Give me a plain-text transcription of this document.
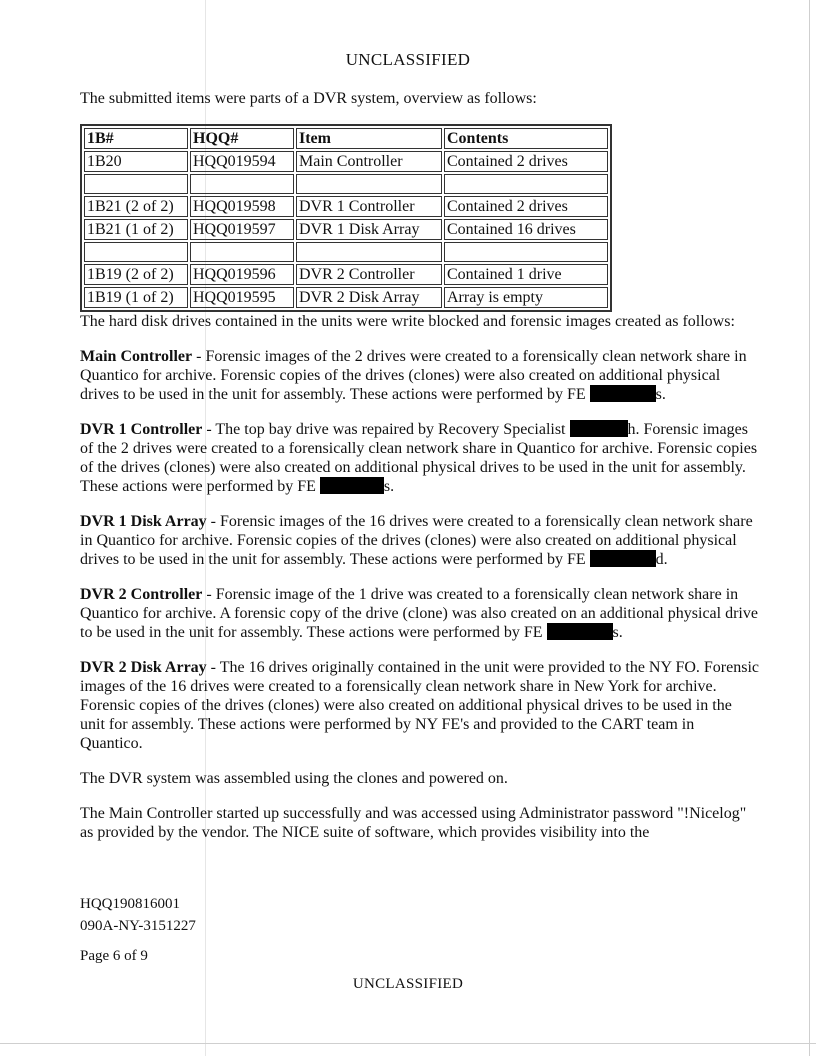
UNCLASSIFIED
The submitted items were parts of a DVR system, overview as follows:
1B#	HQQ#	Item	Contents
1B20	HQQ019594	Main Controller	Contained 2 drives

1B21 (2 of 2)	HQQ019598	DVR 1 Controller	Contained 2 drives
1B21 (1 of 2)	HQQ019597	DVR 1 Disk Array	Contained 16 drives

1B19 (2 of 2)	HQQ019596	DVR 2 Controller	Contained 1 drive
1B19 (1 of 2)	HQQ019595	DVR 2 Disk Array	Array is empty

The hard disk drives contained in the units were write blocked and forensic images created as follows:

Main Controller - Forensic images of the 2 drives were created to a forensically clean network share in Quantico for archive. Forensic copies of the drives (clones) were also created on additional physical drives to be used in the unit for assembly. These actions were performed by FE	s.

DVR 1 Controller - The top bay drive was repaired by Recovery Specialist	h. Forensic images of the 2 drives were created to a forensically clean network share in Quantico for archive. Forensic copies of the drives (clones) were also created on additional physical drives to be used in the unit for assembly. These actions were performed by FE	s.

DVR 1 Disk Array - Forensic images of the 16 drives were created to a forensically clean network share in Quantico for archive. Forensic copies of the drives (clones) were also created on additional physical drives to be used in the unit for assembly. These actions were performed by FE	d.

DVR 2 Controller - Forensic image of the 1 drive was created to a forensically clean network share in Quantico for archive. A forensic copy of the drive (clone) was also created on an additional physical drive to be used in the unit for assembly. These actions were performed by FE	s.

DVR 2 Disk Array - The 16 drives originally contained in the unit were provided to the NY FO. Forensic images of the 16 drives were created to a forensically clean network share in New York for archive. Forensic copies of the drives (clones) were also created on additional physical drives to be used in the unit for assembly. These actions were performed by NY FE's and provided to the CART team in Quantico.

The DVR system was assembled using the clones and powered on.

The Main Controller started up successfully and was accessed using Administrator password "!Nicelog" as provided by the vendor. The NICE suite of software, which provides visibility into the

HQQ190816001
090A-NY-3151227
Page 6 of 9
UNCLASSIFIED
